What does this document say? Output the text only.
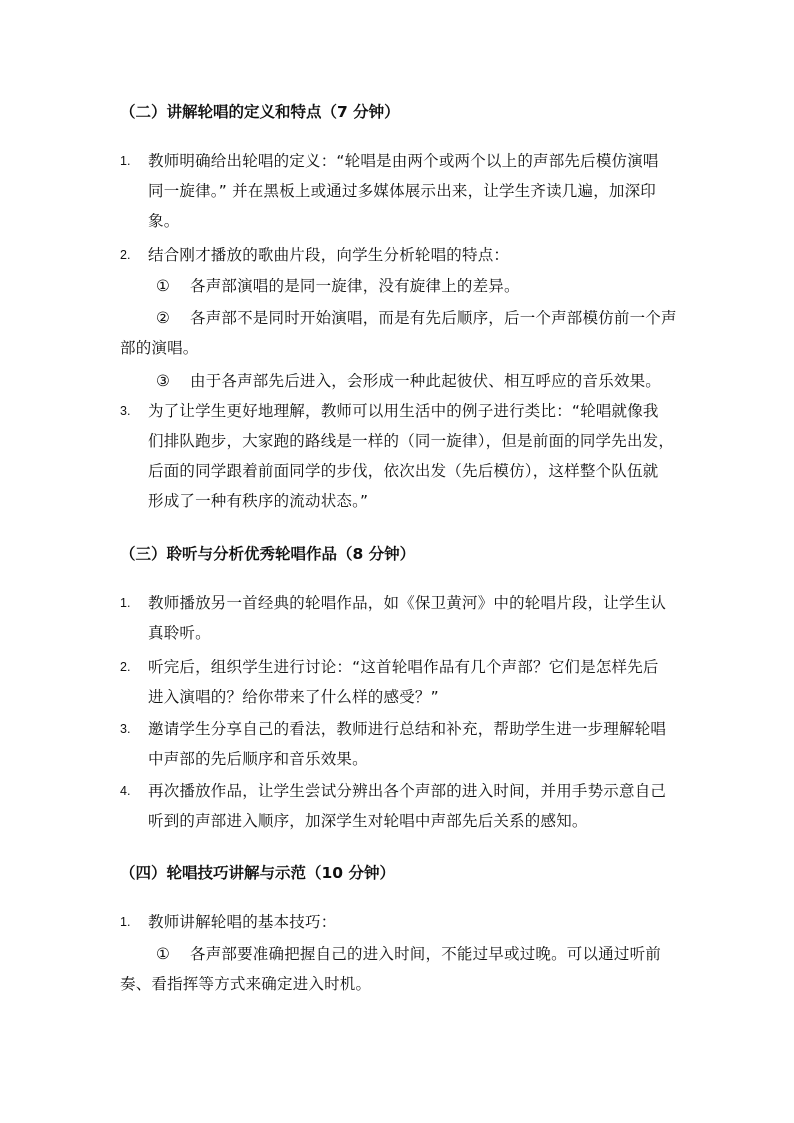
（二）讲解轮唱的定义和特点（7 分钟）
1. 教师明确给出轮唱的定义：“轮唱是由两个或两个以上的声部先后模仿演唱
同一旋律。” 并在黑板上或通过多媒体展示出来，让学生齐读几遍，加深印
象。
2. 结合刚才播放的歌曲片段，向学生分析轮唱的特点：
① 各声部演唱的是同一旋律，没有旋律上的差异。
② 各声部不是同时开始演唱，而是有先后顺序，后一个声部模仿前一个声部的演唱。
③ 由于各声部先后进入，会形成一种此起彼伏、相互呼应的音乐效果。
3. 为了让学生更好地理解，教师可以用生活中的例子进行类比：“轮唱就像我
们排队跑步，大家跑的路线是一样的（同一旋律），但是前面的同学先出发，
后面的同学跟着前面同学的步伐，依次出发（先后模仿），这样整个队伍就
形成了一种有秩序的流动状态。”
（三）聆听与分析优秀轮唱作品（8 分钟）
1. 教师播放另一首经典的轮唱作品，如《保卫黄河》中的轮唱片段，让学生认
真聆听。
2. 听完后，组织学生进行讨论：“这首轮唱作品有几个声部？它们是怎样先后
进入演唱的？给你带来了什么样的感受？”
3. 邀请学生分享自己的看法，教师进行总结和补充，帮助学生进一步理解轮唱
中声部的先后顺序和音乐效果。
4. 再次播放作品，让学生尝试分辨出各个声部的进入时间，并用手势示意自己
听到的声部进入顺序，加深学生对轮唱中声部先后关系的感知。
（四）轮唱技巧讲解与示范（10 分钟）
1. 教师讲解轮唱的基本技巧：
① 各声部要准确把握自己的进入时间，不能过早或过晚。可以通过听前奏、看指挥等方式来确定进入时机。
